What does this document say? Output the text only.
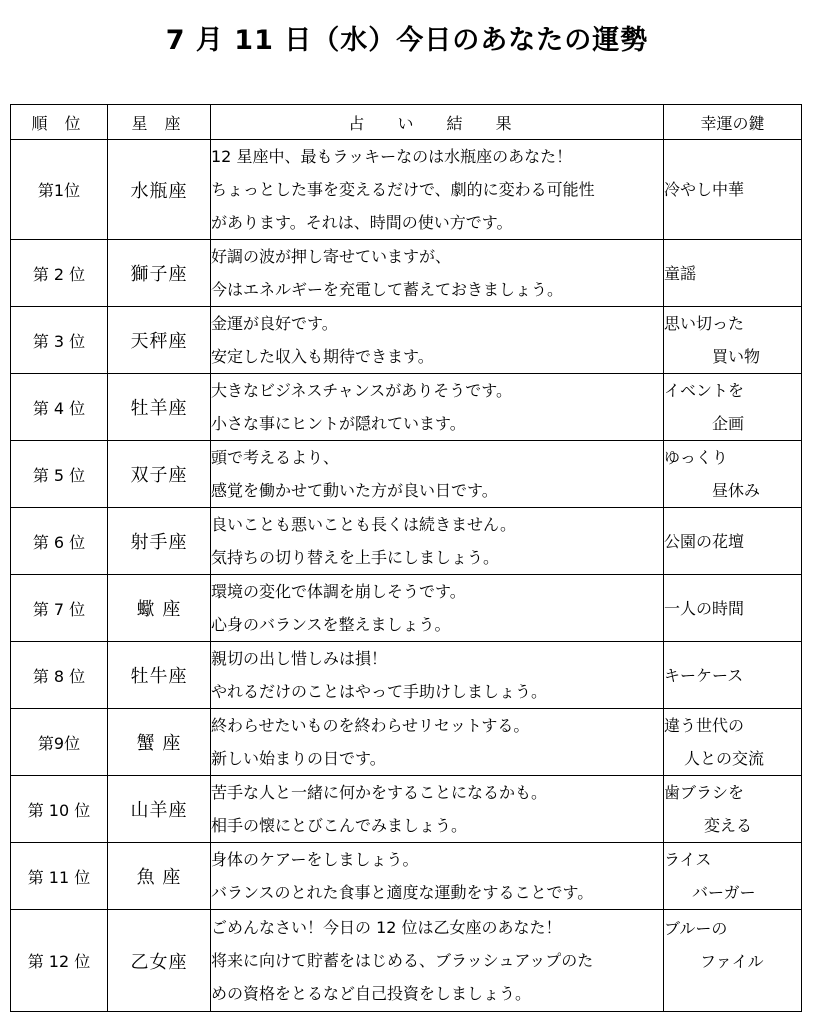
7 月 11 日（水）今日のあなたの運勢
順 位	星 座	占 い 結 果	幸運の鍵
第1位	水瓶座	12 星座中、最もラッキーなのは水瓶座のあなた！
ちょっとした事を変えるだけで、劇的に変わる可能性
があります。それは、時間の使い方です。	冷やし中華

第 2 位	獅子座	好調の波が押し寄せていますが、
今はエネルギーを充電して蓄えておきましょう。	童謡

第 3 位	天秤座	金運が良好です。
安定した収入も期待できます。	思い切った
買い物

第 4 位	牡羊座	大きなビジネスチャンスがありそうです。
小さな事にヒントが隠れています。	イベントを
企画

第 5 位	双子座	頭で考えるより、
感覚を働かせて動いた方が良い日です。	ゆっくり
昼休み

第 6 位	射手座	良いことも悪いことも長くは続きません。
気持ちの切り替えを上手にしましょう。	公園の花壇

第 7 位	蠍 座	環境の変化で体調を崩しそうです。
心身のバランスを整えましょう。	一人の時間

第 8 位	牡牛座	親切の出し惜しみは損！
やれるだけのことはやって手助けしましょう。	キーケース

第9位	蟹 座	終わらせたいものを終わらせリセットする。
新しい始まりの日です。	違う世代の
人との交流

第 10 位	山羊座	苦手な人と一緒に何かをすることになるかも。
相手の懐にとびこんでみましょう。	歯ブラシを
変える

第 11 位	魚 座	身体のケアーをしましょう。
バランスのとれた食事と適度な運動をすることです。	ライス
バーガー

第 12 位	乙女座	ごめんなさい！今日の 12 位は乙女座のあなた！
将来に向けて貯蓄をはじめる、ブラッシュアップのた
めの資格をとるなど自己投資をしましょう。	ブルーの
ファイル
